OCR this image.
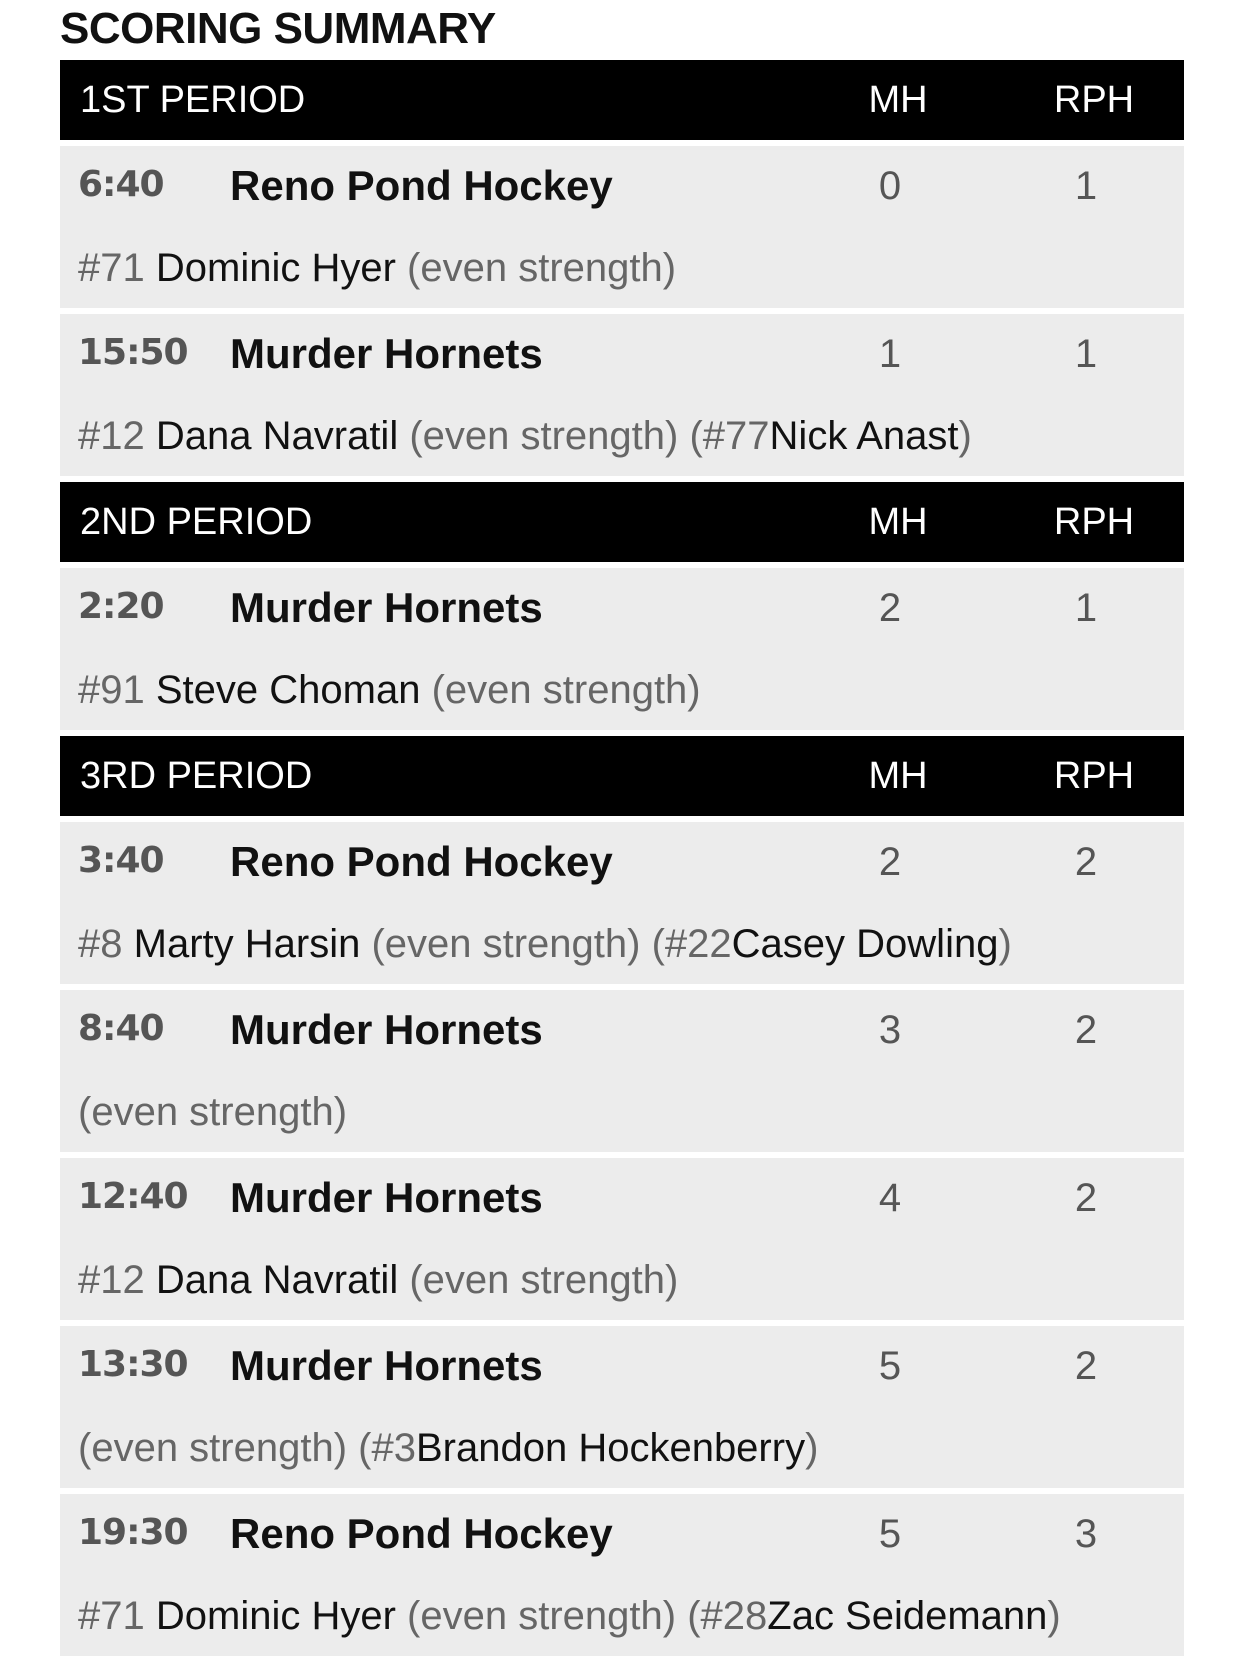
SCORING SUMMARY
1ST PERIOD	MH	RPH
6:40 Reno Pond Hockey	0	1
#71 Dominic Hyer (even strength)
15:50 Murder Hornets	1	1
#12 Dana Navratil (even strength) (#77Nick Anast)
2ND PERIOD	MH	RPH
2:20 Murder Hornets	2	1
#91 Steve Choman (even strength)
3RD PERIOD	MH	RPH
3:40 Reno Pond Hockey	2	2
#8 Marty Harsin (even strength) (#22Casey Dowling)
8:40 Murder Hornets	3	2
(even strength)
12:40 Murder Hornets	4	2
#12 Dana Navratil (even strength)
13:30 Murder Hornets	5	2
(even strength) (#3Brandon Hockenberry)
19:30 Reno Pond Hockey	5	3
#71 Dominic Hyer (even strength) (#28Zac Seidemann)
